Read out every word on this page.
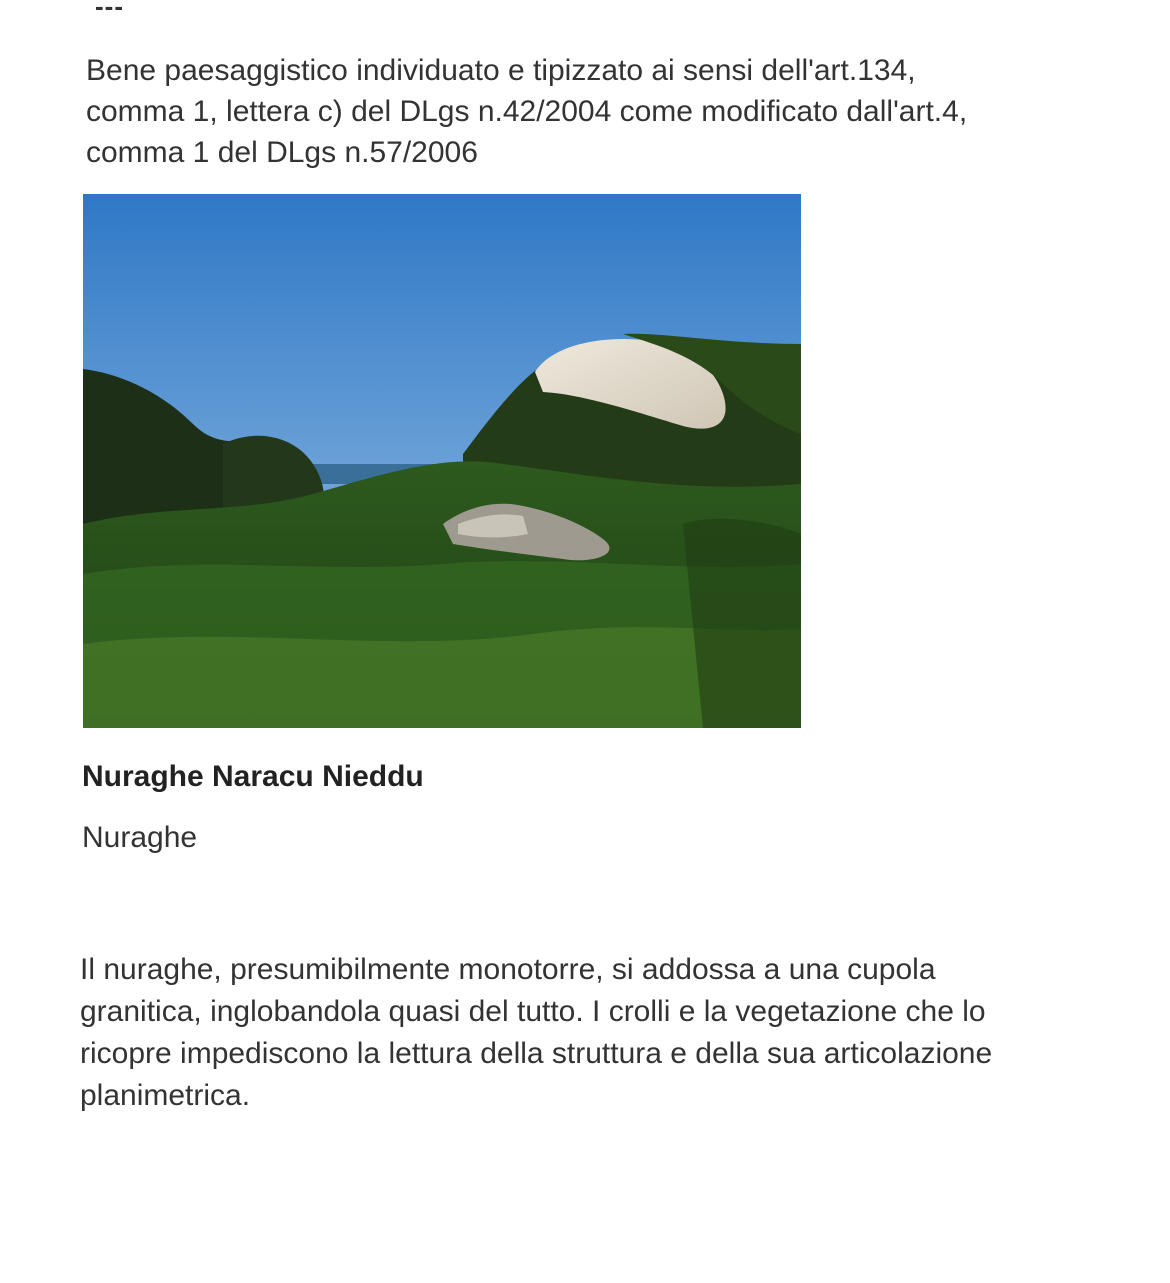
---

Bene paesaggistico individuato e tipizzato ai sensi dell'art.134,
comma 1, lettera c) del DLgs n.42/2004 come modificato dall'art.4,
comma 1 del DLgs n.57/2006

Nuraghe Naracu Nieddu

Nuraghe

Il nuraghe, presumibilmente monotorre, si addossa a una cupola
granitica, inglobandola quasi del tutto. I crolli e la vegetazione che lo
ricopre impediscono la lettura della struttura e della sua articolazione
planimetrica.
